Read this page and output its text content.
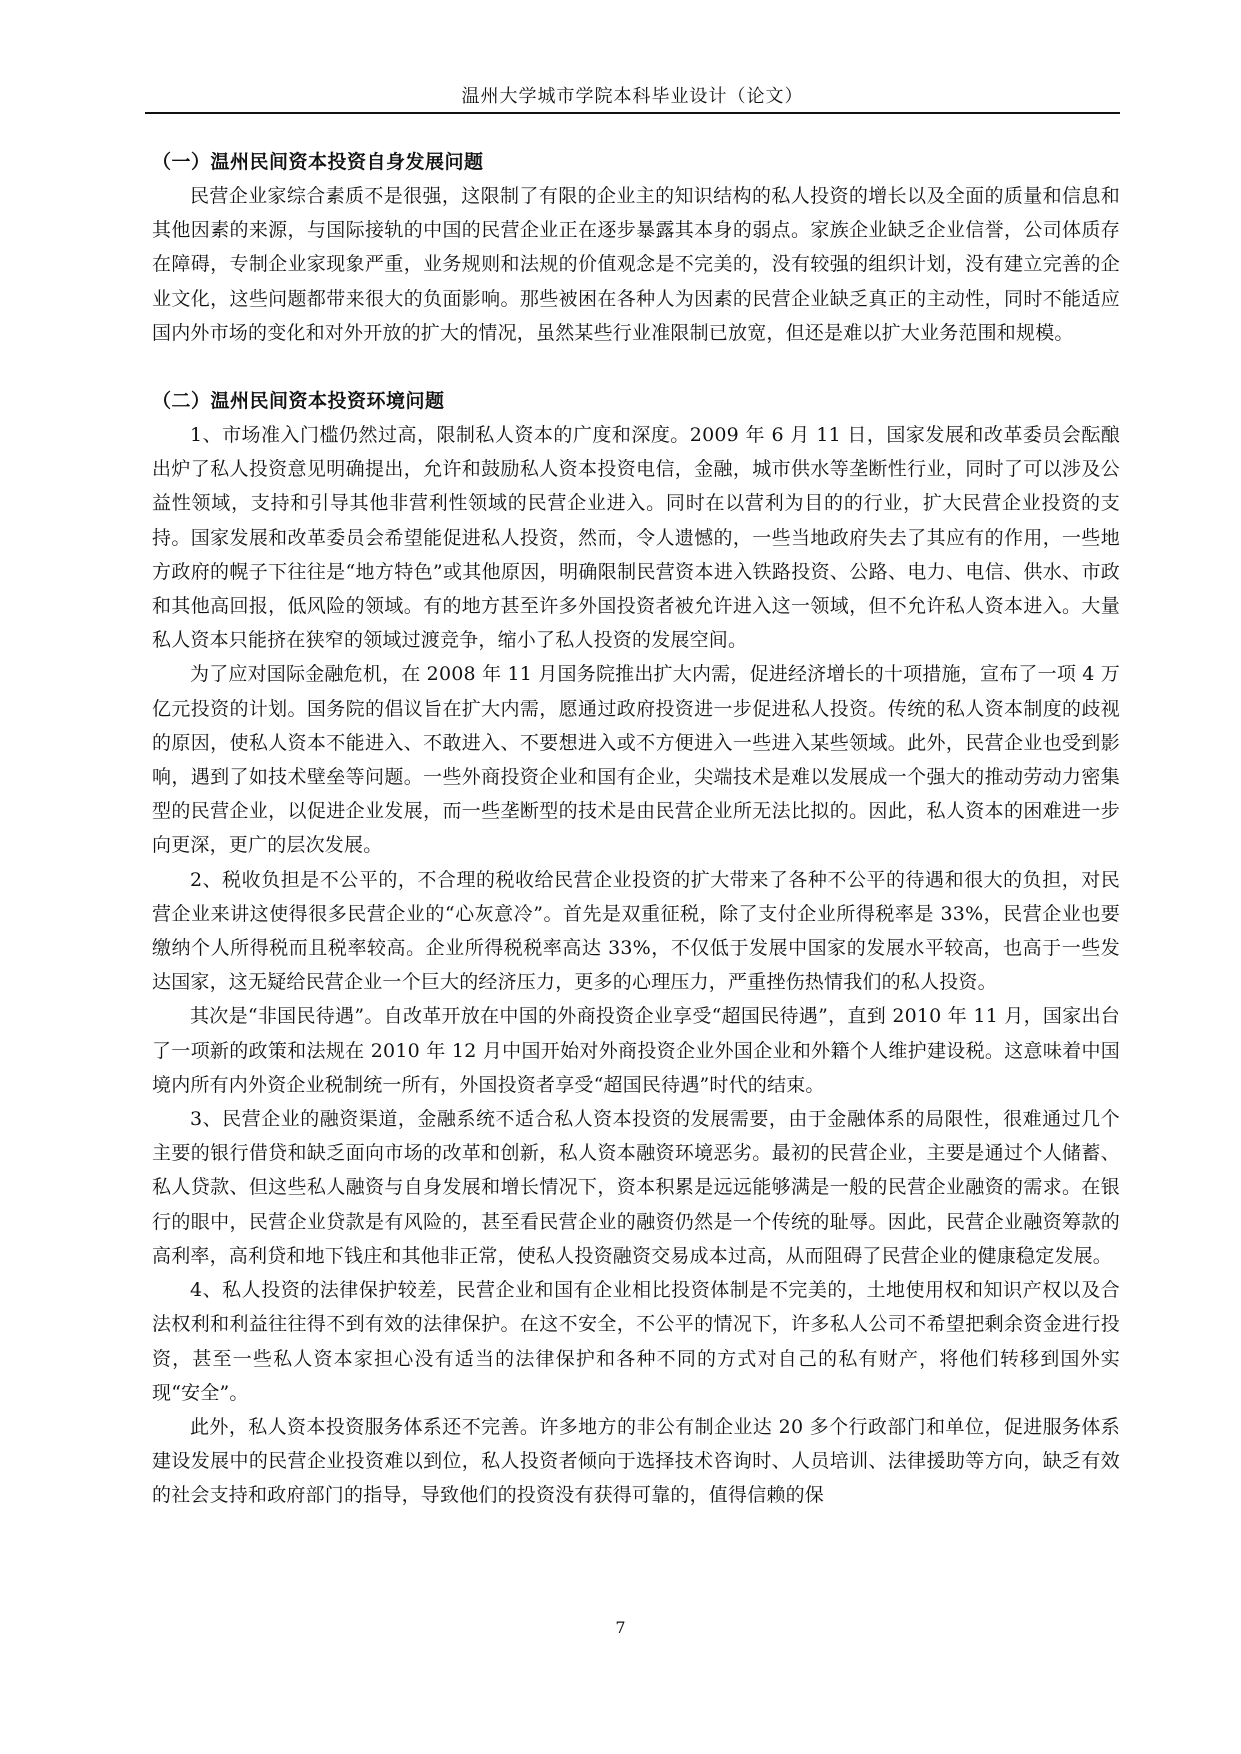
温州大学城市学院本科毕业设计（论文）
（一）温州民间资本投资自身发展问题

民营企业家综合素质不是很强，这限制了有限的企业主的知识结构的私人投资的增长以及全面的质量和信息和其他因素的来源，与国际接轨的中国的民营企业正在逐步暴露其本身的弱点。家族企业缺乏企业信誉，公司体质存在障碍，专制企业家现象严重，业务规则和法规的价值观念是不完美的，没有较强的组织计划，没有建立完善的企业文化，这些问题都带来很大的负面影响。那些被困在各种人为因素的民营企业缺乏真正的主动性，同时不能适应国内外市场的变化和对外开放的扩大的情况，虽然某些行业准限制已放宽，但还是难以扩大业务范围和规模。

（二）温州民间资本投资环境问题

1、市场准入门槛仍然过高，限制私人资本的广度和深度。2009 年 6 月 11 日，国家发展和改革委员会酝酿出炉了私人投资意见明确提出，允许和鼓励私人资本投资电信，金融，城市供水等垄断性行业，同时了可以涉及公益性领域，支持和引导其他非营利性领域的民营企业进入。同时在以营利为目的的行业，扩大民营企业投资的支持。国家发展和改革委员会希望能促进私人投资，然而，令人遗憾的，一些当地政府失去了其应有的作用，一些地方政府的幌子下往往是“地方特色”或其他原因，明确限制民营资本进入铁路投资、公路、电力、电信、供水、市政和其他高回报，低风险的领域。有的地方甚至许多外国投资者被允许进入这一领域，但不允许私人资本进入。大量私人资本只能挤在狭窄的领域过渡竞争，缩小了私人投资的发展空间。

为了应对国际金融危机，在 2008 年 11 月国务院推出扩大内需，促进经济增长的十项措施，宣布了一项 4 万亿元投资的计划。国务院的倡议旨在扩大内需，愿通过政府投资进一步促进私人投资。传统的私人资本制度的歧视的原因，使私人资本不能进入、不敢进入、不要想进入或不方便进入一些进入某些领域。此外，民营企业也受到影响，遇到了如技术壁垒等问题。一些外商投资企业和国有企业，尖端技术是难以发展成一个强大的推动劳动力密集型的民营企业，以促进企业发展，而一些垄断型的技术是由民营企业所无法比拟的。因此，私人资本的困难进一步向更深，更广的层次发展。

2、税收负担是不公平的，不合理的税收给民营企业投资的扩大带来了各种不公平的待遇和很大的负担，对民营企业来讲这使得很多民营企业的“心灰意冷”。首先是双重征税，除了支付企业所得税率是 33%，民营企业也要缴纳个人所得税而且税率较高。企业所得税税率高达 33%，不仅低于发展中国家的发展水平较高，也高于一些发达国家，这无疑给民营企业一个巨大的经济压力，更多的心理压力，严重挫伤热情我们的私人投资。

其次是“非国民待遇”。自改革开放在中国的外商投资企业享受“超国民待遇”，直到 2010 年 11 月，国家出台了一项新的政策和法规在 2010 年 12 月中国开始对外商投资企业外国企业和外籍个人维护建设税。这意味着中国境内所有内外资企业税制统一所有，外国投资者享受“超国民待遇”时代的结束。

3、民营企业的融资渠道，金融系统不适合私人资本投资的发展需要，由于金融体系的局限性，很难通过几个主要的银行借贷和缺乏面向市场的改革和创新，私人资本融资环境恶劣。最初的民营企业，主要是通过个人储蓄、私人贷款、但这些私人融资与自身发展和增长情况下，资本积累是远远能够满是一般的民营企业融资的需求。在银行的眼中，民营企业贷款是有风险的，甚至看民营企业的融资仍然是一个传统的耻辱。因此，民营企业融资筹款的高利率，高利贷和地下钱庄和其他非正常，使私人投资融资交易成本过高，从而阻碍了民营企业的健康稳定发展。

4、私人投资的法律保护较差，民营企业和国有企业相比投资体制是不完美的，土地使用权和知识产权以及合法权利和利益往往得不到有效的法律保护。在这不安全，不公平的情况下，许多私人公司不希望把剩余资金进行投资，甚至一些私人资本家担心没有适当的法律保护和各种不同的方式对自己的私有财产，将他们转移到国外实现“安全”。

此外，私人资本投资服务体系还不完善。许多地方的非公有制企业达 20 多个行政部门和单位，促进服务体系建设发展中的民营企业投资难以到位，私人投资者倾向于选择技术咨询时、人员培训、法律援助等方向，缺乏有效的社会支持和政府部门的指导，导致他们的投资没有获得可靠的，值得信赖的保

7
